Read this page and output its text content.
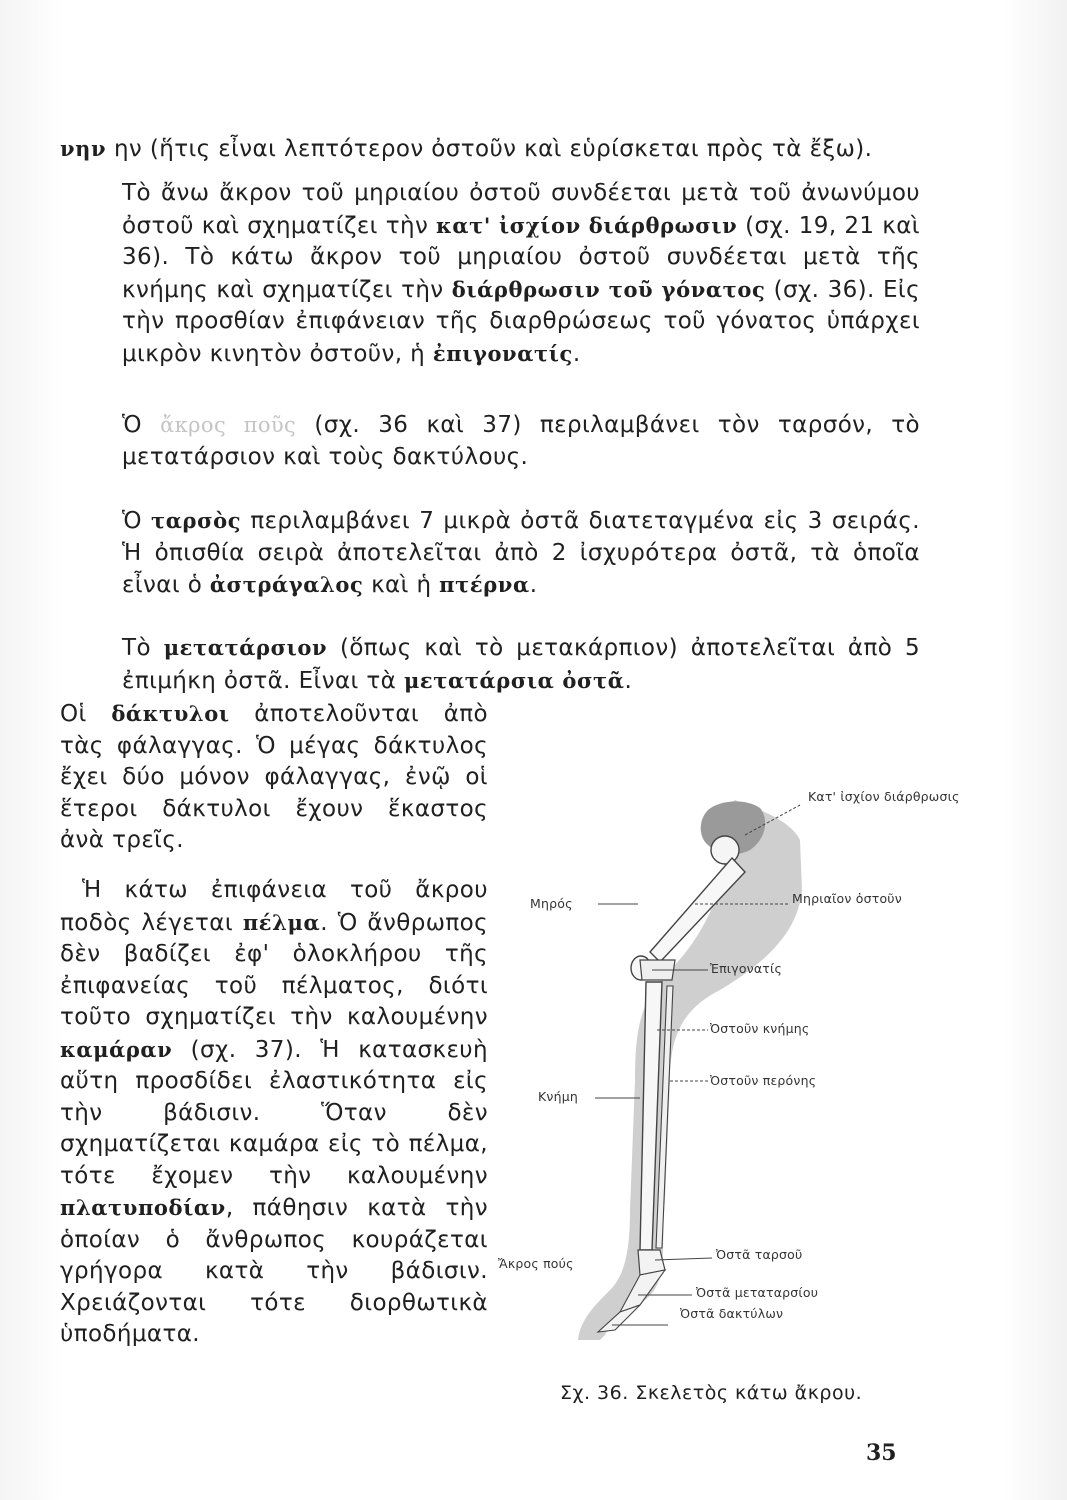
νην ην (ἥτις εἶναι λεπτότερον ὀστοῦν καὶ εὑρίσκεται πρὸς τὰ ἔξω).

Τὸ ἄνω ἄκρον τοῦ μηριαίου ὀστοῦ συνδέεται μετὰ τοῦ ἀνωνύμου ὀστοῦ καὶ σχηματίζει τὴν κατ' ἰσχίον διάρθρωσιν (σχ. 19, 21 καὶ 36). Τὸ κάτω ἄκρον τοῦ μηριαίου ὀστοῦ συνδέεται μετὰ τῆς κνήμης καὶ σχηματίζει τὴν διάρθρωσιν τοῦ γόνατος (σχ. 36). Εἰς τὴν προσθίαν ἐπιφάνειαν τῆς διαρθρώσεως τοῦ γόνατος ὑπάρχει μικρὸν κινητὸν ὀστοῦν, ἡ ἐπιγονατίς.

Ὁ ἄκρος ποῦς (σχ. 36 καὶ 37) περιλαμβάνει τὸν ταρσόν, τὸ μετατάρσιον καὶ τοὺς δακτύλους.

Ὁ ταρσὸς περιλαμβάνει 7 μικρὰ ὀστᾶ διατεταγμένα εἰς 3 σειράς. Ἡ ὀπισθία σειρὰ ἀποτελεῖται ἀπὸ 2 ἰσχυρότερα ὀστᾶ, τὰ ὁποῖα εἶναι ὁ ἀστράγαλος καὶ ἡ πτέρνα.

Τὸ μετατάρσιον (ὅπως καὶ τὸ μετακάρπιον) ἀποτελεῖται ἀπὸ 5 ἐπιμήκη ὀστᾶ. Εἶναι τὰ μετατάρσια ὀστᾶ.

Οἱ δάκτυλοι ἀποτελοῦνται ἀπὸ τὰς φάλαγγας. Ὁ μέγας δάκτυλος ἔχει δύο μόνον φάλαγγας, ἐνῷ οἱ ἕτεροι δάκτυλοι ἔχουν ἕκαστος ἀνὰ τρεῖς.

Ἡ κάτω ἐπιφάνεια τοῦ ἄκρου ποδὸς λέγεται πέλμα. Ὁ ἄνθρωπος δὲν βαδίζει ἐφ' ὁλοκλήρου τῆς ἐπιφανείας τοῦ πέλματος, διότι τοῦτο σχηματίζει τὴν καλουμένην καμάραν (σχ. 37). Ἡ κατασκευὴ αὕτη προσδίδει ἐλαστικότητα εἰς τὴν βάδισιν. Ὅταν δὲν σχηματίζεται καμάρα εἰς τὸ πέλμα, τότε ἔχομεν τὴν καλουμένην πλατυποδίαν, πάθησιν κατὰ τὴν ὁποίαν ὁ ἄνθρωπος κουράζεται γρήγορα κατὰ τὴν βάδισιν. Χρειάζονται τότε διορθωτικὰ ὑποδήματα.

Κατ' ἰσχίον διάρθρωσις
Μηρός	Μηριαῖον ὀστοῦν
Ἐπιγονατίς
Ὀστοῦν κνήμης
Ὀστοῦν περόνης
Κνήμη
Ἄκρος πούς
Ὀστᾶ ταρσοῦ
Ὀστᾶ μεταταρσίου
Ὀστᾶ δακτύλων
Σχ. 36. Σκελετὸς κάτω ἄκρου.
35
